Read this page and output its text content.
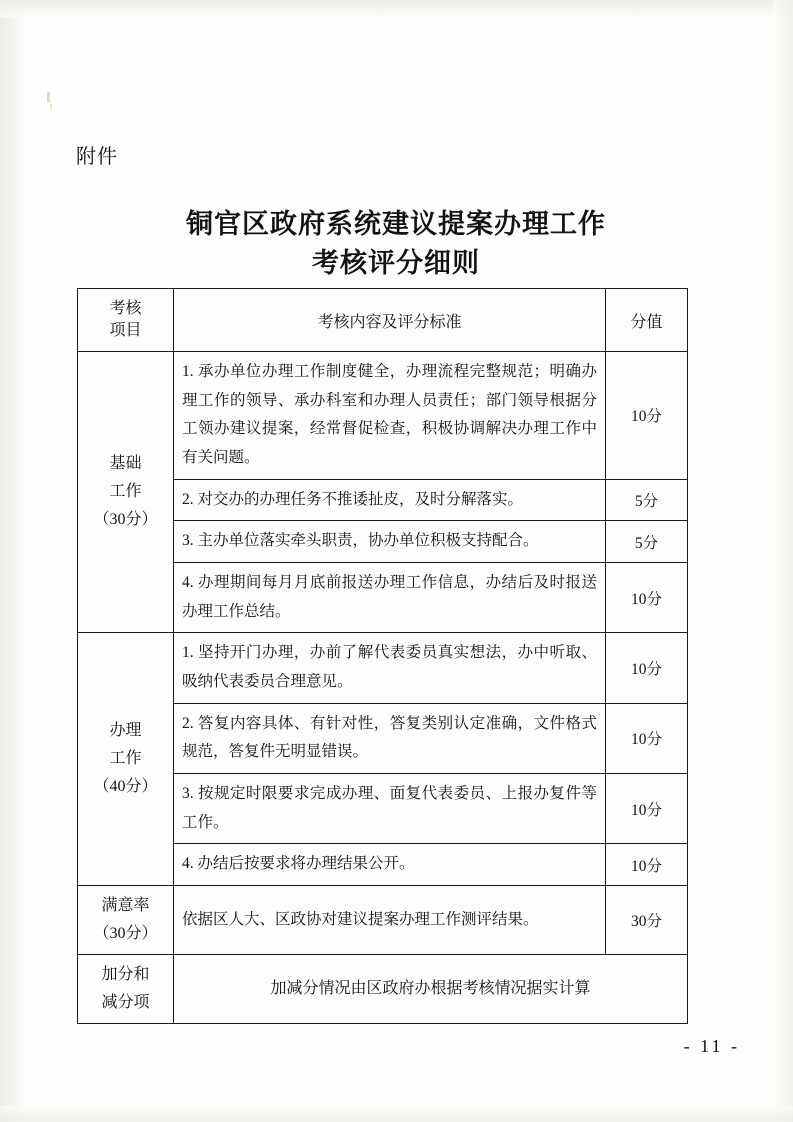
附件
铜官区政府系统建议提案办理工作
考核评分细则
考核
项目	考核内容及评分标准	分值

基础
工作
（30分）	1. 承办单位办理工作制度健全，办理流程完整规范；明确办理工作的领导、承办科室和办理人员责任；部门领导根据分工领办建议提案，经常督促检查，积极协调解决办理工作中有关问题。	10分
	2. 对交办的办理任务不推诿扯皮，及时分解落实。	5分
	3. 主办单位落实牵头职责，协办单位积极支持配合。	5分
	4. 办理期间每月月底前报送办理工作信息，办结后及时报送办理工作总结。	10分

办理
工作
（40分）	1. 坚持开门办理，办前了解代表委员真实想法，办中听取、吸纳代表委员合理意见。	10分
	2. 答复内容具体、有针对性，答复类别认定准确，文件格式规范，答复件无明显错误。	10分
	3. 按规定时限要求完成办理、面复代表委员、上报办复件等工作。	10分
	4. 办结后按要求将办理结果公开。	10分

满意率
（30分）	依据区人大、区政协对建议提案办理工作测评结果。	30分

加分和
减分项	加减分情况由区政府办根据考核情况据实计算	
- 11 -
